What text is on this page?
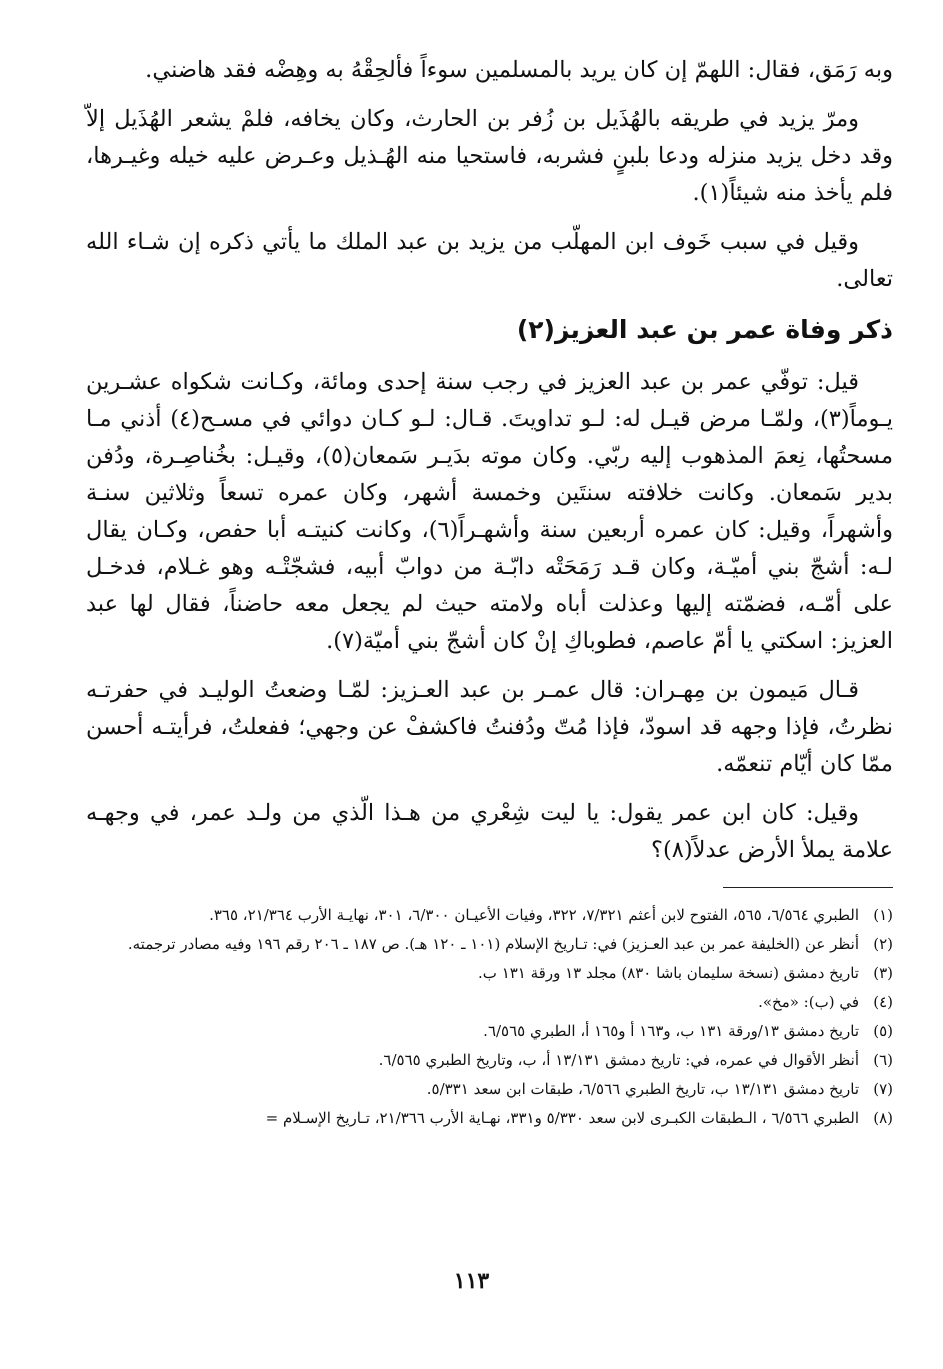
وبه رَمَق، فقال: اللهمّ إن كان يريد بالمسلمين سوءاً فألحِقْهُ به وهِضْه فقد هاضني.

ومرّ يزيد في طريقه بالهُذَيل بن زُفر بن الحارث، وكان يخافه، فلمْ يشعر الهُذَيل إلاّ وقد دخل يزيد منزله ودعا بلبنٍ فشربه، فاستحيا منه الهُـذيل وعـرض عليه خيله وغيـرها، فلم يأخذ منه شيئاً(١).

وقيل في سبب خَوف ابن المهلّب من يزيد بن عبد الملك ما يأتي ذكره إن شـاء الله تعالى.

ذكر وفاة عمر بن عبد العزيز(٢)

قيل: توفّي عمر بن عبد العزيز في رجب سنة إحدى ومائة، وكـانت شكواه عشـرين يـوماً(٣)، ولمّـا مرض قيـل له: لـو تداويتَ. قـال: لـو كـان دوائي في مسـح(٤) أذني مـا مسحتُها، نِعمَ المذهوب إليه ربّي. وكان موته بدَيـر سَمعان(٥)، وقيـل: بخُناصِـرة، ودُفن بدير سَمعان. وكانت خلافته سنتَين وخمسة أشهر، وكان عمره تسعاً وثلاثين سنـة وأشهراً، وقيل: كان عمره أربعين سنة وأشهـراً(٦)، وكانت كنيتـه أبا حفص، وكـان يقال لـه: أشجّ بني أميّـة، وكان قـد رَمَحَتْه دابّـة من دوابّ أبيه، فشجّتْـه وهو غـلام، فدخـل على أمّـه، فضمّته إليها وعذلت أباه ولامته حيث لم يجعل معه حاضناً، فقال لها عبد العزيز: اسكتي يا أمّ عاصم، فطوباكِ إنْ كان أشجّ بني أميّة(٧).

قـال مَيمون بن مِهـران: قال عمـر بن عبد العـزيز: لمّـا وضعتُ الوليـد في حفرتـه نظرتُ، فإذا وجهه قد اسودّ، فإذا مُتّ ودُفنتُ فاكشفْ عن وجهي؛ ففعلتُ، فرأيتـه أحسن ممّا كان أيّام تنعمّه.

وقيل: كان ابن عمر يقول: يا ليت شِعْري من هـذا الّذي من ولـد عمر، في وجهـه علامة يملأ الأرض عدلاً(٨)؟

(١)
الطبري ٦/٥٦٤، ٥٦٥، الفتوح لابن أعثم ٧/٣٢١، ٣٢٢، وفيات الأعيـان ٦/٣٠٠، ٣٠١، نهايـة الأرب ٢١/٣٦٤، ٣٦٥.
(٢)
أنظر عن (الخليفة عمر بن عبد العـزيز) في: تـاريخ الإسلام (١٠١ ـ ١٢٠ هـ). ص ١٨٧ ـ ٢٠٦ رقم ١٩٦ وفيه مصادر ترجمته.
(٣)
تاريخ دمشق (نسخة سليمان باشا ٨٣٠) مجلد ١٣ ورقة ١٣١ ب.
(٤)
في (ب): «مخ».
(٥)
تاريخ دمشق ١٣/ورقة ١٣١ ب، و١٦٣ أ و١٦٥ أ، الطبري ٦/٥٦٥.
(٦)
أنظر الأقوال في عمره، في: تاريخ دمشق ١٣/١٣١ أ، ب، وتاريخ الطبري ٦/٥٦٥.
(٧)
تاريخ دمشق ١٣/١٣١ ب، تاريخ الطبري ٦/٥٦٦، طبقات ابن سعد ٥/٣٣١.
(٨)
الطبري ٦/٥٦٦ ، الـطبقات الكبـرى لابن سعد ٥/٣٣٠ و٣٣١، نهـاية الأرب ٢١/٣٦٦، تـاريخ الإسـلام =
١١٣
